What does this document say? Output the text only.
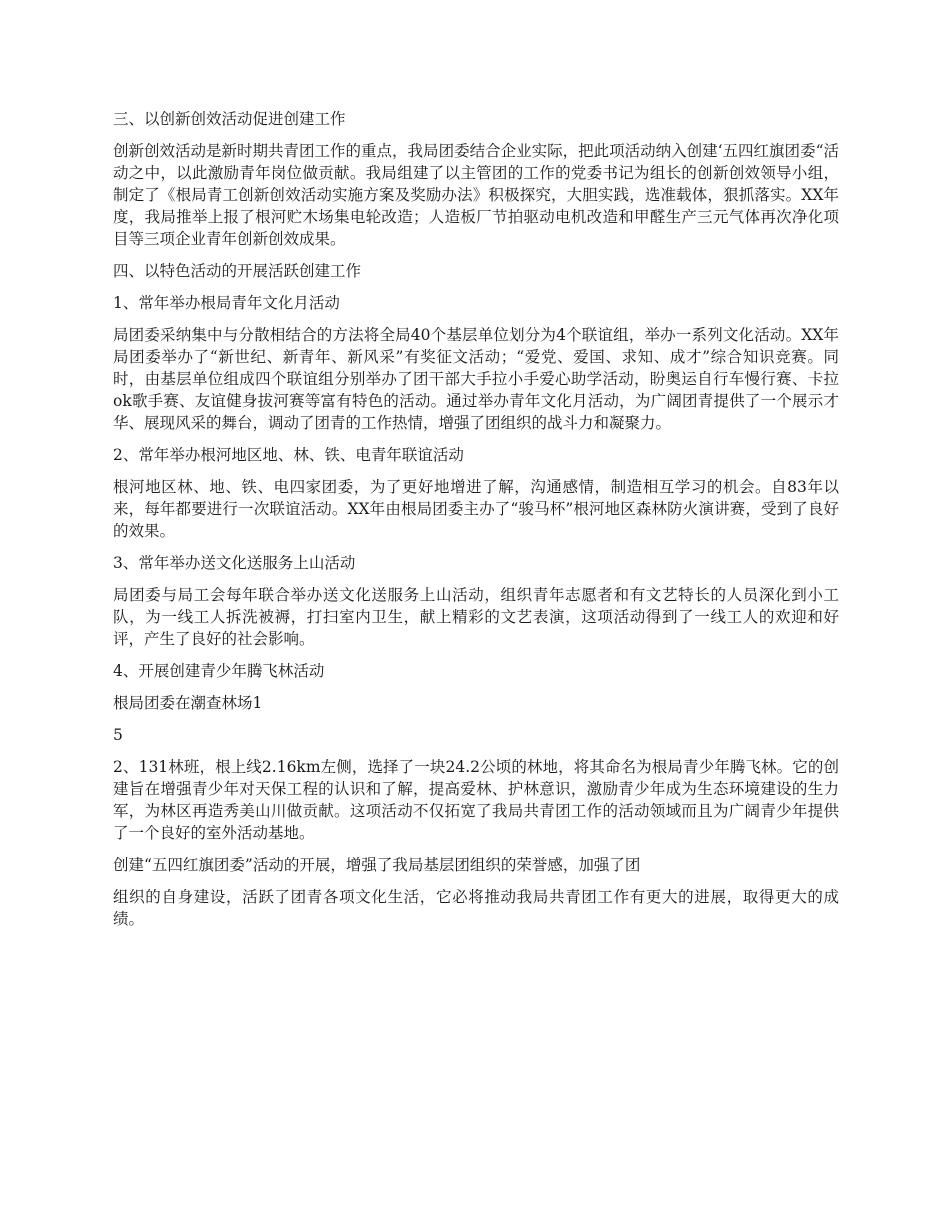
三、以创新创效活动促进创建工作

创新创效活动是新时期共青团工作的重点，我局团委结合企业实际，把此项活动纳入创建‘五四红旗团委“活动之中，以此激励青年岗位做贡献。我局组建了以主管团的工作的党委书记为组长的创新创效领导小组，制定了《根局青工创新创效活动实施方案及奖励办法》积极探究，大胆实践，选准载体，狠抓落实。XX年度，我局推举上报了根河贮木场集电轮改造；人造板厂节拍驱动电机改造和甲醛生产三元气体再次净化项目等三项企业青年创新创效成果。

四、以特色活动的开展活跃创建工作

1、常年举办根局青年文化月活动

局团委采纳集中与分散相结合的方法将全局40个基层单位划分为4个联谊组，举办一系列文化活动。XX年局团委举办了“新世纪、新青年、新风采”有奖征文活动；“爱党、爱国、求知、成才”综合知识竞赛。同时，由基层单位组成四个联谊组分别举办了团干部大手拉小手爱心助学活动，盼奥运自行车慢行赛、卡拉ok歌手赛、友谊健身拔河赛等富有特色的活动。通过举办青年文化月活动，为广阔团青提供了一个展示才华、展现风采的舞台，调动了团青的工作热情，增强了团组织的战斗力和凝聚力。

2、常年举办根河地区地、林、铁、电青年联谊活动

根河地区林、地、铁、电四家团委，为了更好地增进了解，沟通感情，制造相互学习的机会。自83年以来，每年都要进行一次联谊活动。XX年由根局团委主办了“骏马杯”根河地区森林防火演讲赛，受到了良好的效果。

3、常年举办送文化送服务上山活动

局团委与局工会每年联合举办送文化送服务上山活动，组织青年志愿者和有文艺特长的人员深化到小工队，为一线工人拆洗被褥，打扫室内卫生，献上精彩的文艺表演，这项活动得到了一线工人的欢迎和好评，产生了良好的社会影响。

4、开展创建青少年腾飞林活动

根局团委在潮查林场1

5

2、131林班，根上线2.16km左侧，选择了一块24.2公顷的林地，将其命名为根局青少年腾飞林。它的创建旨在增强青少年对天保工程的认识和了解，提高爱林、护林意识，激励青少年成为生态环境建设的生力军，为林区再造秀美山川做贡献。这项活动不仅拓宽了我局共青团工作的活动领域而且为广阔青少年提供了一个良好的室外活动基地。

创建“五四红旗团委”活动的开展，增强了我局基层团组织的荣誉感，加强了团

组织的自身建设，活跃了团青各项文化生活，它必将推动我局共青团工作有更大的进展，取得更大的成绩。
